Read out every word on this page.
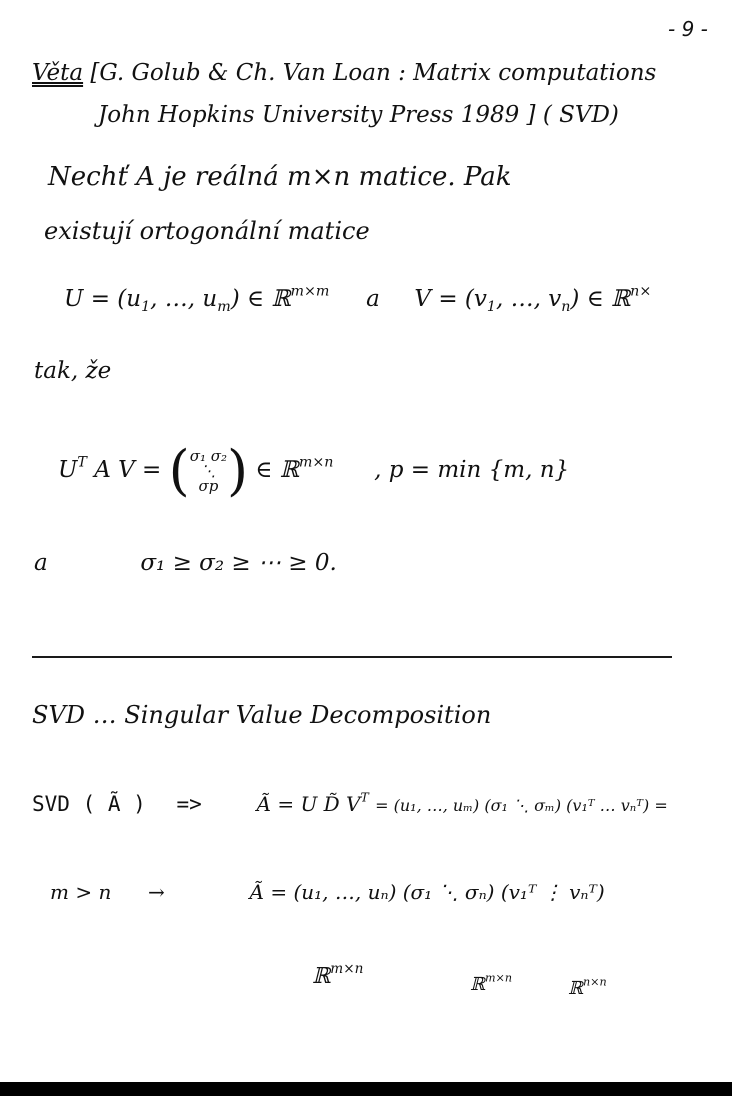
- 9 -
Věta [G. Golub & Ch. Van Loan : Matrix computations
John Hopkins University Press 1989 ] ( SVD)
Nechť A je reálná m×n matice. Pak
existují ortogonální matice
$U = (u_1$, …, $u_m$) ∈ ℝ$^{m\times m}$ a $V = (v_1$, …, $v_n$) ∈ ℝ$^{n\times}$
tak, že
$U^T$ A V = (σ₁ σ₂
⋱
σp ) ∈ ℝ$^{m\times n}$ , p = min {m, n}
a	σ₁ ≥ σ₂ ≥ ⋯ ≥ 0.
SVD … Singular Value Decomposition
SVD ( Ã ) =>	Ã = U D̃ $V^T = (u_1$, …, uₘ) (σ₁ ⋱ σₘ) (v₁ᵀ … vₙᵀ) =
m > n →	Ã = (u₁, …, uₙ) (σ₁ ⋱ σₙ) (v₁ᵀ ⋮ vₙᵀ)
ℝ$^{m\times n}$
ℝ$^{m\times n}$	ℝ$^{n\times n}$
